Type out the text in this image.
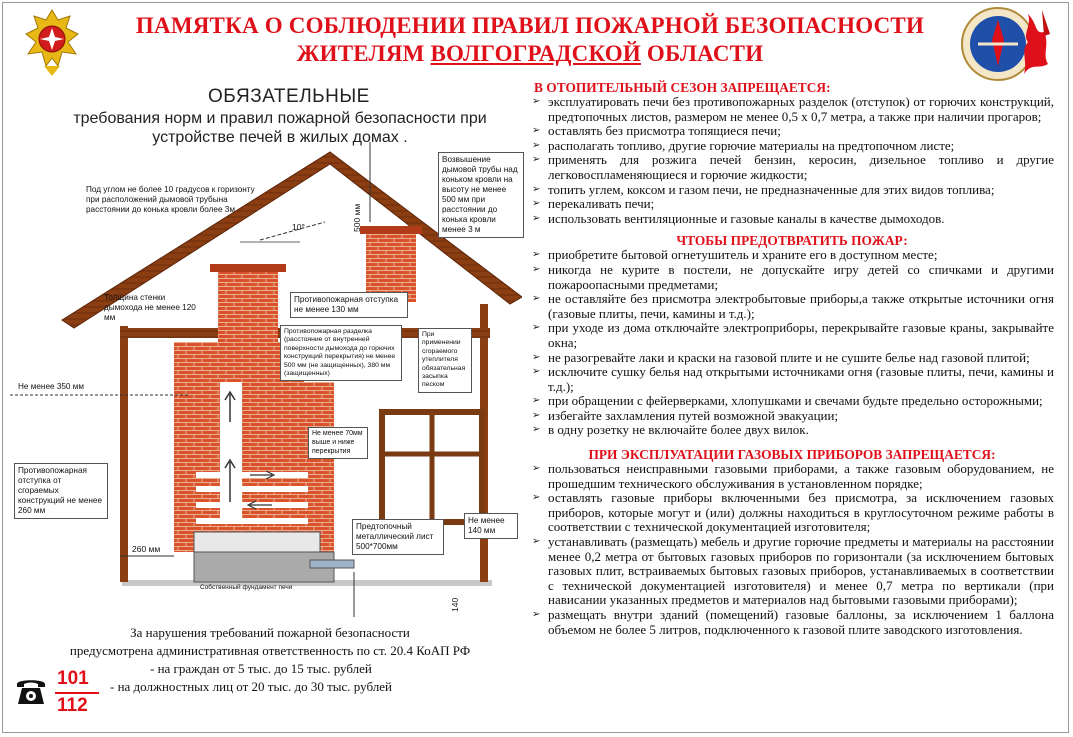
ПАМЯТКА О СОБЛЮДЕНИИ ПРАВИЛ ПОЖАРНОЙ БЕЗОПАСНОСТИ
ЖИТЕЛЯМ ВОЛГОГРАДСКОЙ ОБЛАСТИ
ОБЯЗАТЕЛЬНЫЕ
требования норм и правил пожарной безопасности при устройстве печей в жилых домах .
Под углом не более 10 градусов к горизонту при расположений дымовой трубына расстоянии до конька кровли более 3м
Возвышение дымовой трубы над коньком кровли на высоту не менее 500 мм при расстоянии до конька кровли менее 3 м
Толщина стенки дымохода не менее 120 мм
Противопожарная отступка не менее 130 мм
Противопожарная разделка (расстояние от внутренней поверхности дымохода до горючих конструкций перекрытия) не менее 500 мм (не защищенных), 380 мм (защищенных)
При применении сгораемого утеплителя обязательная засыпка песком
Не менее 350 мм
Не менее 70мм выше и ниже перекрытия
Противопожарная отступка от сгораемых конструкций не менее 260 мм
Предтопочный металлический лист 500*700мм
Не менее 140 мм
Собственный фундамент печи
10°	500 мм
260 мм
140
За нарушения требований пожарной безопасности
предусмотрена административная ответственность по ст. 20.4 КоАП РФ
- на граждан от 5 тыс. до 15 тыс. рублей
- на должностных лиц от 20 тыс. до 30 тыс. рублей
101
112
В ОТОПИТЕЛЬНЫЙ СЕЗОН ЗАПРЕЩАЕТСЯ:
➢ эксплуатировать печи без противопожарных разделок (отступок) от горючих конструкций, предтопочных листов, размером не менее 0,5 х 0,7 метра, а также при наличии прогаров;
➢ оставлять без присмотра топящиеся печи;
➢ располагать топливо, другие горючие материалы на предтопочном листе;
➢ применять для розжига печей бензин, керосин, дизельное топливо и другие легковоспламеняющиеся и горючие жидкости;
➢ топить углем, коксом и газом печи, не предназначенные для этих видов топлива;
➢ перекаливать печи;
➢ использовать вентиляционные и газовые каналы в качестве дымоходов.
ЧТОБЫ ПРЕДОТВРАТИТЬ ПОЖАР:
➢ приобретите бытовой огнетушитель и храните его в доступном месте;
➢ никогда не курите в постели, не допускайте игру детей со спичками и другими пожароопасными предметами;
➢ не оставляйте без присмотра электробытовые приборы,а также открытые источники огня (газовые плиты, печи, камины и т.д.);
➢ при уходе из дома отключайте электроприборы, перекрывайте газовые краны, закрывайте окна;
➢ не разогревайте лаки и краски на газовой плите и не сушите белье над газовой плитой;
➢ исключите сушку белья над открытыми источниками огня (газовые плиты, печи, камины и т.д.);
➢ при обращении с фейерверками, хлопушками и свечами будьте предельно осторожными;
➢ избегайте захламления путей возможной эвакуации;
➢ в одну розетку не включайте более двух вилок.
ПРИ ЭКСПЛУАТАЦИИ ГАЗОВЫХ ПРИБОРОВ ЗАПРЕЩАЕТСЯ:
➢ пользоваться неисправными газовыми приборами, а также газовым оборудованием, не прошедшим технического обслуживания в установленном порядке;
➢ оставлять газовые приборы включенными без присмотра, за исключением газовых приборов, которые могут и (или) должны находиться в круглосуточном режиме работы в соответствии с технической документацией изготовителя;
➢ устанавливать (размещать) мебель и другие горючие предметы и материалы на расстоянии менее 0,2 метра от бытовых газовых приборов по горизонтали (за исключением бытовых газовых плит, встраиваемых бытовых газовых приборов, устанавливаемых в соответствии с технической документацией изготовителя) и менее 0,7 метра по вертикали (при нависании указанных предметов и материалов над бытовыми газовыми приборами);
➢ размещать внутри зданий (помещений) газовые баллоны, за исключением 1 баллона объемом не более 5 литров, подключенного к газовой плите заводского изготовления.
